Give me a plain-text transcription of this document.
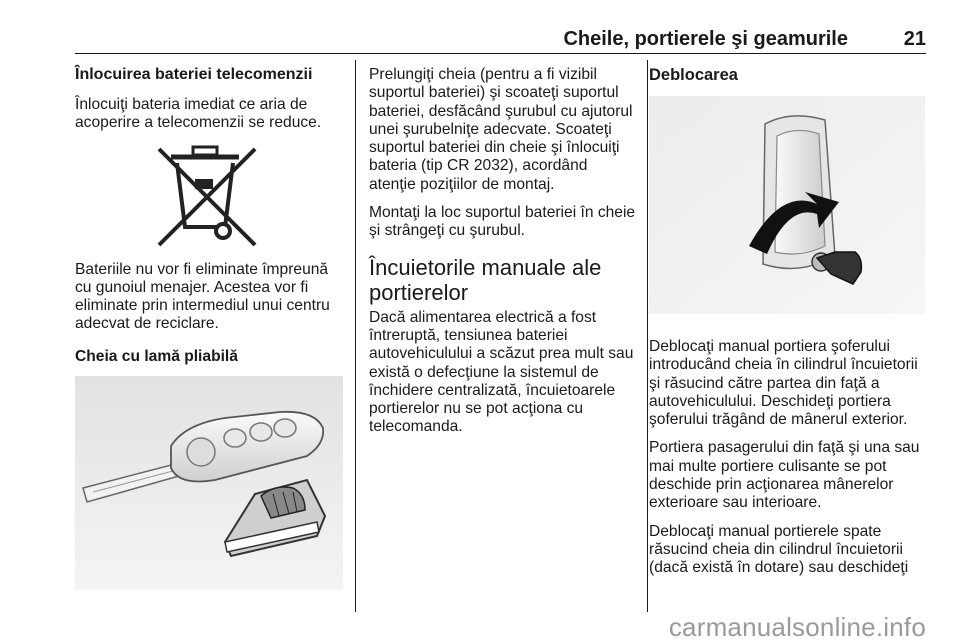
Cheile, portierele şi geamurile	21
Înlocuirea bateriei telecomenzii
Înlocuiţi bateria imediat ce aria de acoperire a telecomenzii se reduce.
Bateriile nu vor fi eliminate împreună cu gunoiul menajer. Acestea vor fi eliminate prin intermediul unui centru adecvat de reciclare.
Cheia cu lamă pliabilă
Prelungiţi cheia (pentru a fi vizibil suportul bateriei) şi scoateţi suportul bateriei, desfăcând şurubul cu ajutorul unei şurubelniţe adecvate. Scoateţi suportul bateriei din cheie şi înlocuiţi bateria (tip CR 2032), acordând atenţie poziţiilor de montaj.
Montaţi la loc suportul bateriei în cheie şi strângeţi cu şurubul.
Încuietorile manuale ale portierelor
Dacă alimentarea electrică a fost întreruptă, tensiunea bateriei autovehiculului a scăzut prea mult sau există o defecţiune la sistemul de închidere centralizată, încuietoarele portierelor nu se pot acţiona cu telecomanda.
Deblocarea
Deblocaţi manual portiera şoferului introducând cheia în cilindrul încuietorii şi răsucind către partea din faţă a autovehiculului. Deschideţi portiera şoferului trăgând de mânerul exterior.
Portiera pasagerului din faţă şi una sau mai multe portiere culisante se pot deschide prin acţionarea mânerelor exterioare sau interioare.
Deblocaţi manual portierele spate răsucind cheia din cilindrul încuietorii (dacă există în dotare) sau deschideţi
carmanualsonline.info
